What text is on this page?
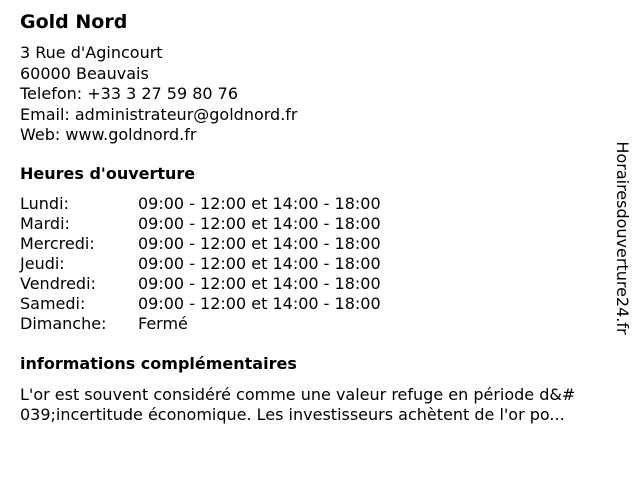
Gold Nord
3 Rue d'Agincourt
60000 Beauvais
Telefon: +33 3 27 59 80 76
Email: administrateur@goldnord.fr
Web: www.goldnord.fr
Heures d'ouverture
Lundi:	09:00 - 12:00 et 14:00 - 18:00
Mardi:	09:00 - 12:00 et 14:00 - 18:00
Mercredi:	09:00 - 12:00 et 14:00 - 18:00
Jeudi:	09:00 - 12:00 et 14:00 - 18:00
Vendredi:	09:00 - 12:00 et 14:00 - 18:00
Samedi:	09:00 - 12:00 et 14:00 - 18:00
Dimanche: Fermé
informations complémentaires
L'or est souvent considéré comme une valeur refuge en période d&#
039;incertitude économique. Les investisseurs achètent de l'or po...
Horairesdouverture24.fr
